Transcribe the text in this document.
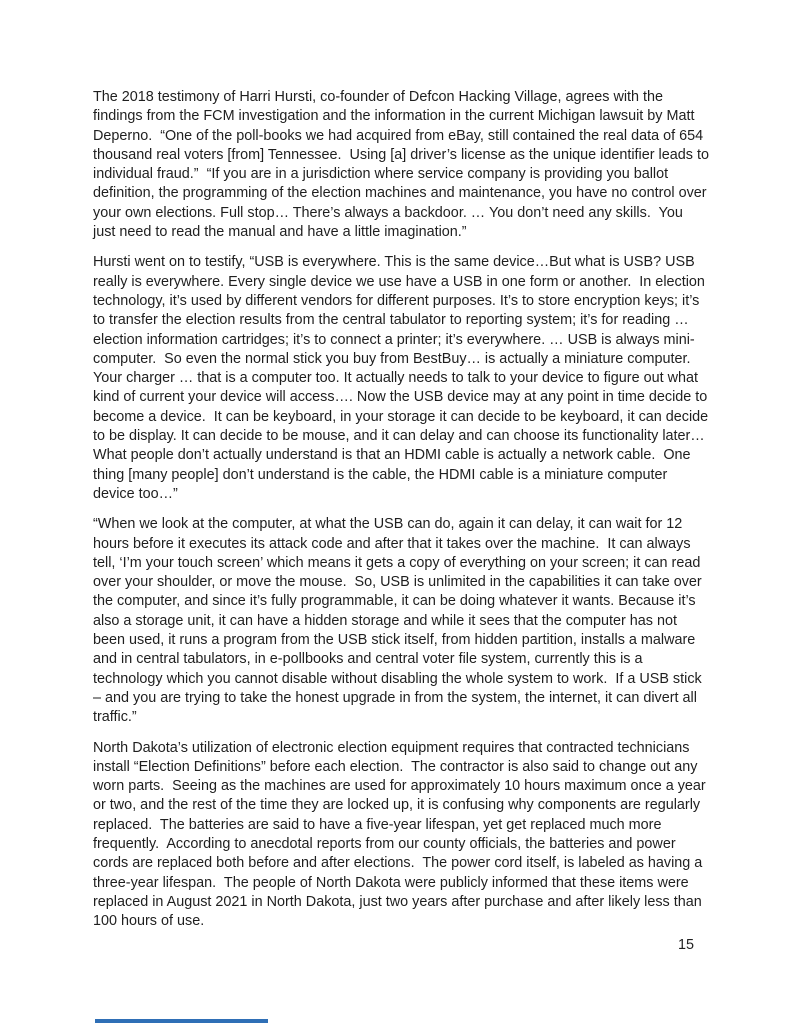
The 2018 testimony of Harri Hursti, co-founder of Defcon Hacking Village, agrees with the findings from the FCM investigation and the information in the current Michigan lawsuit by Matt Deperno.  “One of the poll-books we had acquired from eBay, still contained the real data of 654 thousand real voters [from] Tennessee.  Using [a] driver’s license as the unique identifier leads to individual fraud.”  “If you are in a jurisdiction where service company is providing you ballot definition, the programming of the election machines and maintenance, you have no control over your own elections. Full stop… There’s always a backdoor. … You don’t need any skills.  You just need to read the manual and have a little imagination.”

Hursti went on to testify, “USB is everywhere. This is the same device…But what is USB? USB really is everywhere. Every single device we use have a USB in one form or another.  In election technology, it’s used by different vendors for different purposes. It’s to store encryption keys; it’s to transfer the election results from the central tabulator to reporting system; it’s for reading … election information cartridges; it’s to connect a printer; it’s everywhere. … USB is always mini-computer.  So even the normal stick you buy from BestBuy… is actually a miniature computer.  Your charger … that is a computer too. It actually needs to talk to your device to figure out what kind of current your device will access…. Now the USB device may at any point in time decide to become a device.  It can be keyboard, in your storage it can decide to be keyboard, it can decide to be display. It can decide to be mouse, and it can delay and can choose its functionality later…What people don’t actually understand is that an HDMI cable is actually a network cable.  One thing [many people] don’t understand is the cable, the HDMI cable is a miniature computer device too…”

“When we look at the computer, at what the USB can do, again it can delay, it can wait for 12 hours before it executes its attack code and after that it takes over the machine.  It can always tell, ‘I’m your touch screen’ which means it gets a copy of everything on your screen; it can read over your shoulder, or move the mouse.  So, USB is unlimited in the capabilities it can take over the computer, and since it’s fully programmable, it can be doing whatever it wants. Because it’s also a storage unit, it can have a hidden storage and while it sees that the computer has not been used, it runs a program from the USB stick itself, from hidden partition, installs a malware and in central tabulators, in e-pollbooks and central voter file system, currently this is a technology which you cannot disable without disabling the whole system to work.  If a USB stick – and you are trying to take the honest upgrade in from the system, the internet, it can divert all traffic.”

North Dakota’s utilization of electronic election equipment requires that contracted technicians install “Election Definitions” before each election.  The contractor is also said to change out any worn parts.  Seeing as the machines are used for approximately 10 hours maximum once a year or two, and the rest of the time they are locked up, it is confusing why components are regularly replaced.  The batteries are said to have a five-year lifespan, yet get replaced much more frequently.  According to anecdotal reports from our county officials, the batteries and power cords are replaced both before and after elections.  The power cord itself, is labeled as having a three-year lifespan.  The people of North Dakota were publicly informed that these items were replaced in August 2021 in North Dakota, just two years after purchase and after likely less than 100 hours of use.

15
